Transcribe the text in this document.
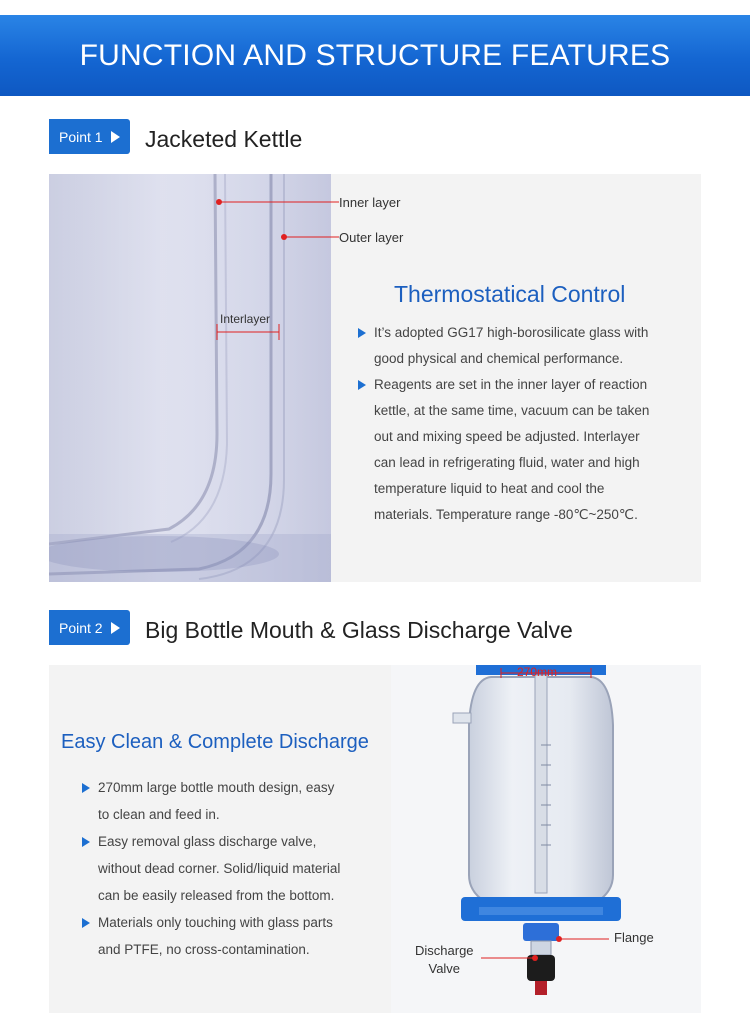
FUNCTION AND STRUCTURE FEATURES
Point 1 Jacketed Kettle
Inner layer
Outer layer
Interlayer
Thermostatical Control
It’s adopted GG17 high-borosilicate glass with
good physical and chemical performance.
Reagents are set in the inner layer of reaction
kettle, at the same time, vacuum can be taken
out and mixing speed be adjusted. Interlayer
can lead in refrigerating fluid, water and high
temperature liquid to heat and cool the
materials. Temperature range -80℃~250℃.
Point 2 Big Bottle Mouth & Glass Discharge Valve
Easy Clean & Complete Discharge
270mm large bottle mouth design, easy
to clean and feed in.
Easy removal glass discharge valve,
without dead corner. Solid/liquid material
can be easily released from the bottom.
Materials only touching with glass parts
and PTFE, no cross-contamination.
270mm
Flange
Discharge
Valve
